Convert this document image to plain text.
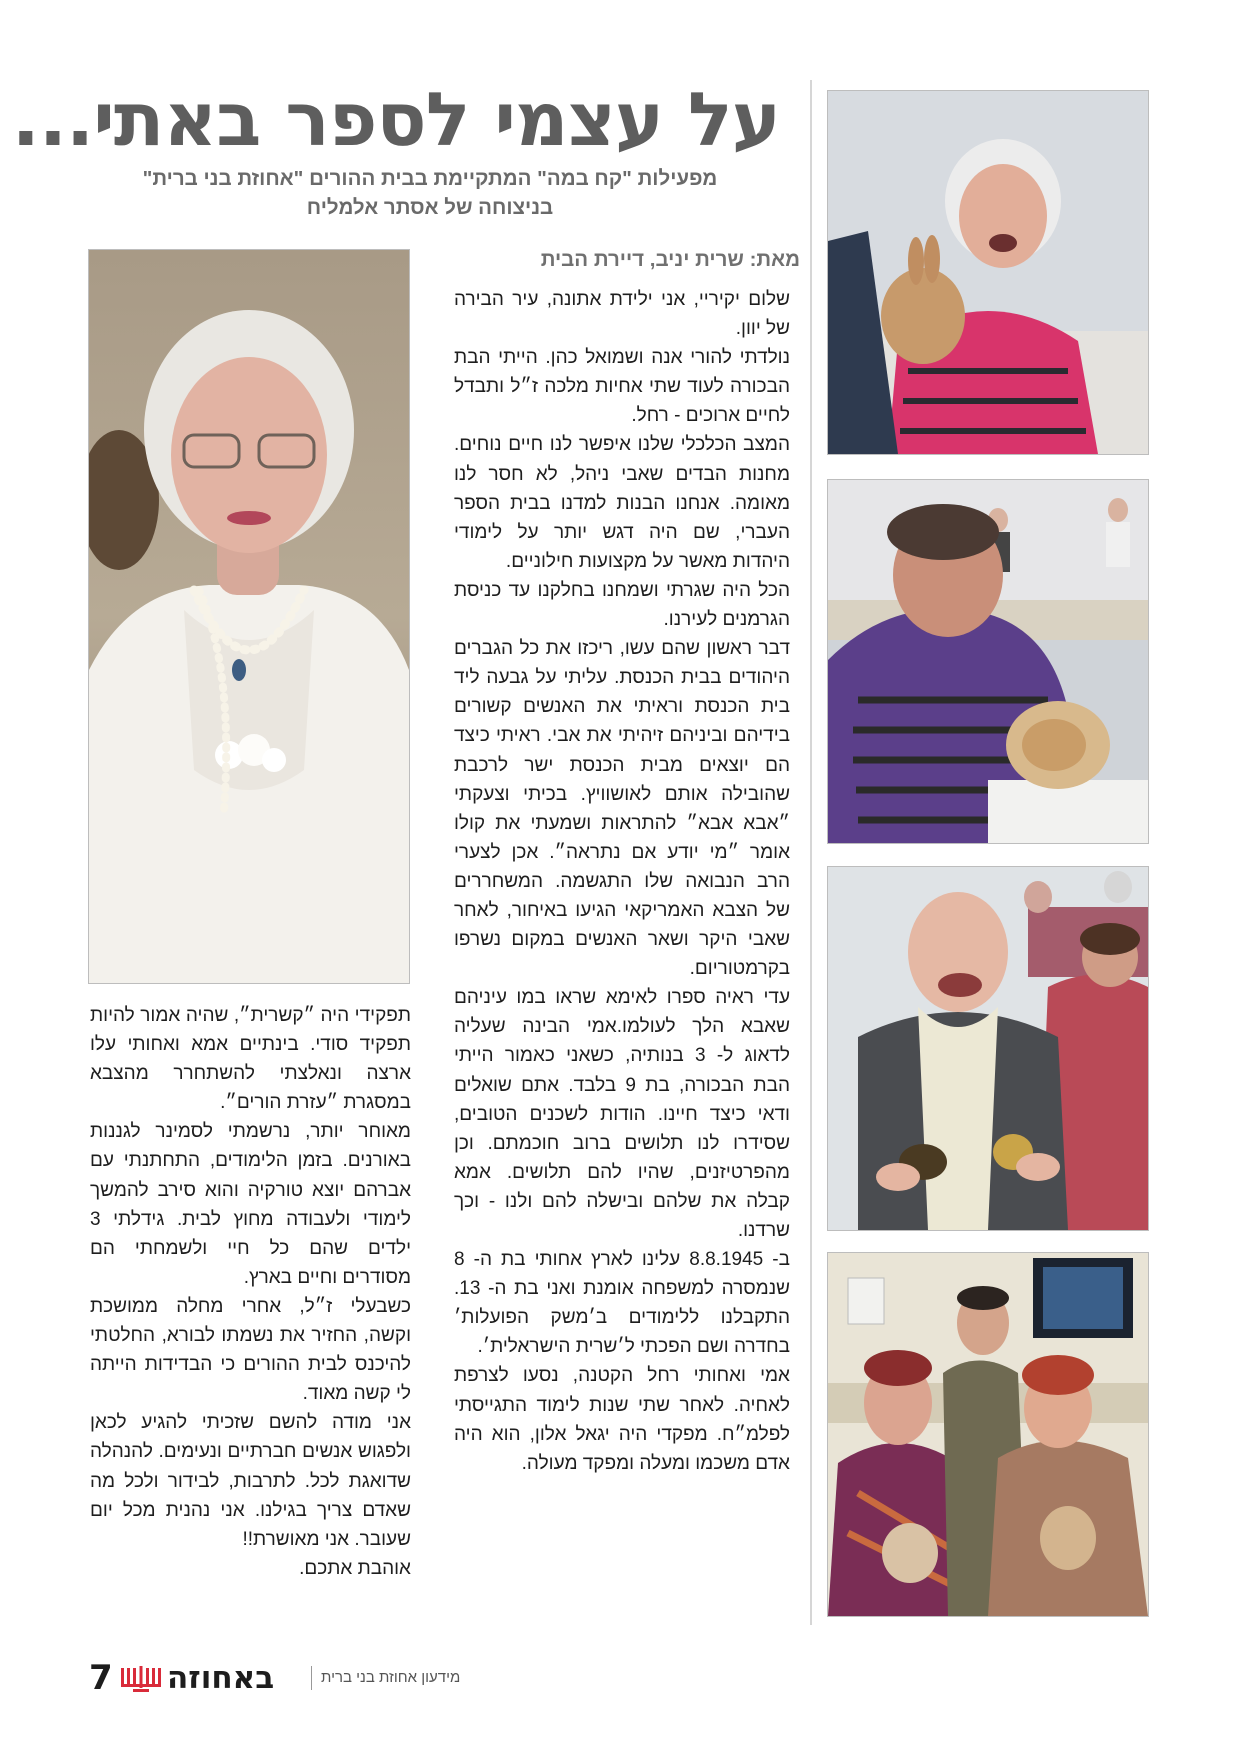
על עצמי לספר באתי...
מפעילות "קח במה" המתקיימת בבית ההורים "אחוזת בני ברית"
בניצוחה של אסתר אלמליח
מאת: שרית יניב, דיירת הבית

שלום יקיריי, אני ילידת אתונה, עיר הבירה של יוון.

נולדתי להורי אנה ושמואל כהן. הייתי הבת הבכורה לעוד שתי אחיות מלכה ז״ל ותבדל לחיים ארוכים - רחל.

המצב הכלכלי שלנו איפשר לנו חיים נוחים. מחנות הבדים שאבי ניהל, לא חסר לנו מאומה. אנחנו הבנות למדנו בבית הספר העברי, שם היה דגש יותר על לימודי היהדות מאשר על מקצועות חילוניים.

הכל היה שגרתי ושמחנו בחלקנו עד כניסת הגרמנים לעירנו.

דבר ראשון שהם עשו, ריכזו את כל הגברים היהודים בבית הכנסת. עליתי על גבעה ליד בית הכנסת וראיתי את האנשים קשורים בידיהם וביניהם זיהיתי את אבי. ראיתי כיצד הם יוצאים מבית הכנסת ישר לרכבת שהובילה אותם לאושוויץ. בכיתי וצעקתי ״אבא אבא״ להתראות ושמעתי את קולו אומר ״מי יודע אם נתראה״. אכן לצערי הרב הנבואה שלו התגשמה. המשחררים של הצבא האמריקאי הגיעו באיחור, לאחר שאבי היקר ושאר האנשים במקום נשרפו בקרמטוריום.

עדי ראיה ספרו לאימא שראו במו עיניהם שאבא הלך לעולמו.אמי הבינה שעליה לדאוג ל- 3 בנותיה, כשאני כאמור הייתי הבת הבכורה, בת 9 בלבד. אתם שואלים ודאי כיצד חיינו. הודות לשכנים הטובים, שסידרו לנו תלושים ברוב חוכמתם. וכן מהפרטיזנים, שהיו להם תלושים. אמא קבלה את שלהם ובישלה להם ולנו - וכך שרדנו.

ב- 8.8.1945 עלינו לארץ אחותי בת ה- 8 שנמסרה למשפחה אומנת ואני בת ה- 13. התקבלנו ללימודים ב׳משק הפועלות׳ בחדרה ושם הפכתי ל׳שרית הישראלית׳.

אמי ואחותי רחל הקטנה, נסעו לצרפת לאחיה. לאחר שתי שנות לימוד התגייסתי לפלמ״ח. מפקדי היה יגאל אלון, הוא היה אדם משכמו ומעלה ומפקד מעולה.

תפקידי היה ״קשרית״, שהיה אמור להיות תפקיד סודי. בינתיים אמא ואחותי עלו ארצה ונאלצתי להשתחרר מהצבא במסגרת ״עזרת הורים״.

מאוחר יותר, נרשמתי לסמינר לגננות באורנים. בזמן הלימודים, התחתנתי עם אברהם יוצא טורקיה והוא סירב להמשך לימודי ולעבודה מחוץ לבית. גידלתי 3 ילדים שהם כל חיי ולשמחתי הם מסודרים וחיים בארץ.

כשבעלי ז״ל, אחרי מחלה ממושכת וקשה, החזיר את נשמתו לבורא, החלטתי להיכנס לבית ההורים כי הבדידות הייתה לי קשה מאוד.

אני מודה להשם שזכיתי להגיע לכאן ולפגוש אנשים חברתיים ונעימים. להנהלה שדואגת לכל. לתרבות, לבידור ולכל מה שאדם צריך בגילנו. אני נהנית מכל יום שעובר. אני מאושרת!!

אוהבת אתכם.

7 באחוזה	מידעון אחוזת בני ברית
